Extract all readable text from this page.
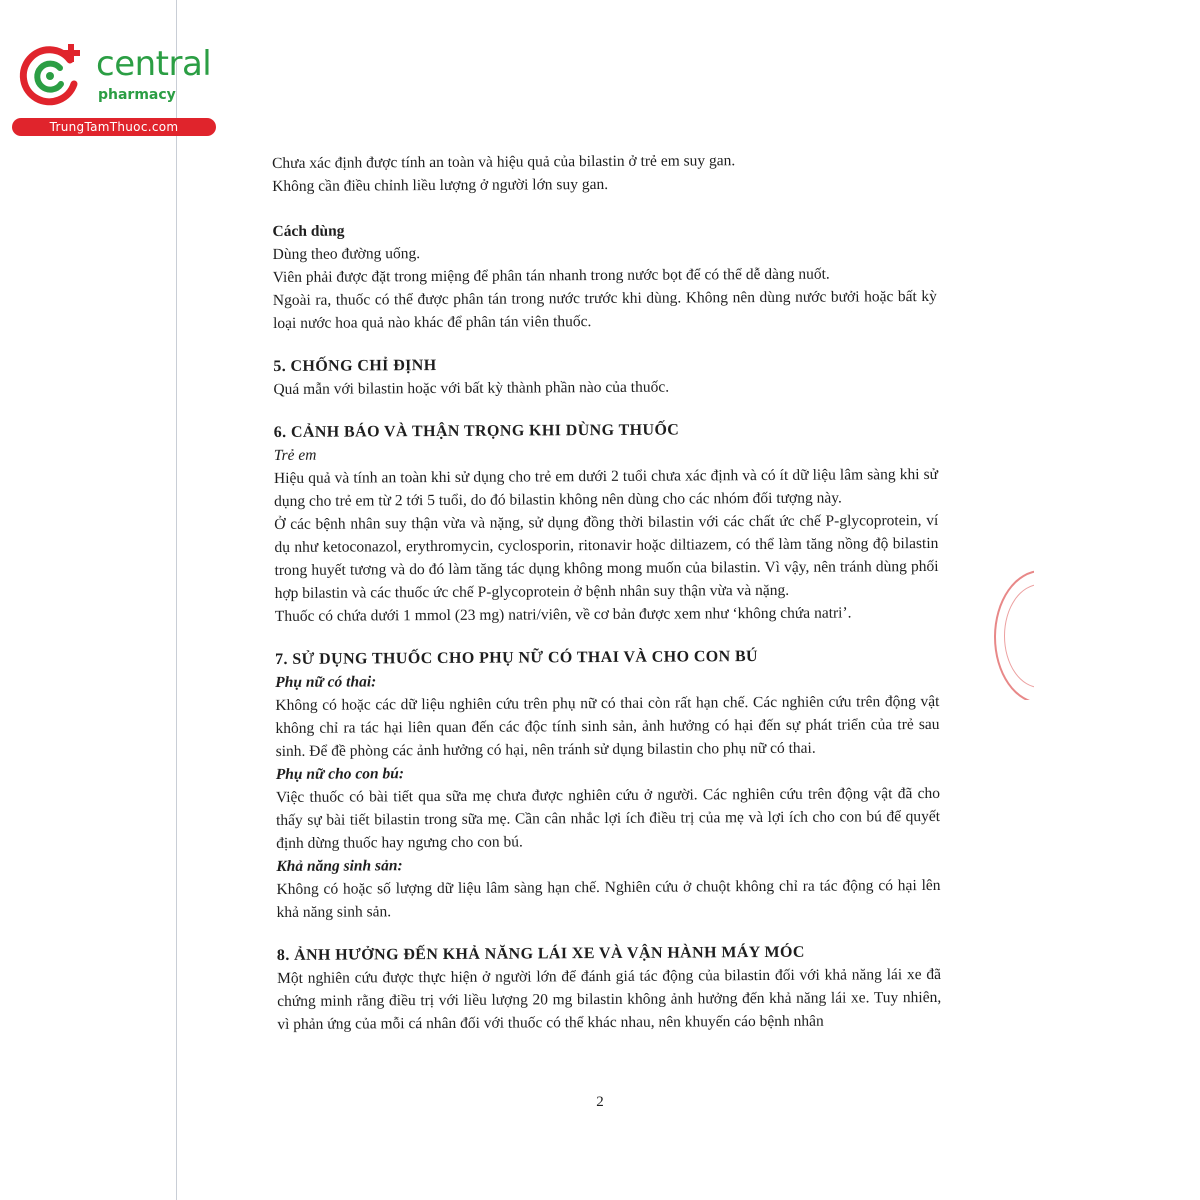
central
pharmacy
TrungTamThuoc.com

Chưa xác định được tính an toàn và hiệu quả của bilastin ở trẻ em suy gan.

Không cần điều chỉnh liều lượng ở người lớn suy gan.

Cách dùng

Dùng theo đường uống.

Viên phải được đặt trong miệng để phân tán nhanh trong nước bọt để có thể dễ dàng nuốt.

Ngoài ra, thuốc có thể được phân tán trong nước trước khi dùng. Không nên dùng nước bưởi hoặc bất kỳ loại nước hoa quả nào khác để phân tán viên thuốc.

5. CHỐNG CHỈ ĐỊNH

Quá mẫn với bilastin hoặc với bất kỳ thành phần nào của thuốc.

6. CẢNH BÁO VÀ THẬN TRỌNG KHI DÙNG THUỐC

Trẻ em

Hiệu quả và tính an toàn khi sử dụng cho trẻ em dưới 2 tuổi chưa xác định và có ít dữ liệu lâm sàng khi sử dụng cho trẻ em từ 2 tới 5 tuổi, do đó bilastin không nên dùng cho các nhóm đối tượng này.

Ở các bệnh nhân suy thận vừa và nặng, sử dụng đồng thời bilastin với các chất ức chế P-glycoprotein, ví dụ như ketoconazol, erythromycin, cyclosporin, ritonavir hoặc diltiazem, có thể làm tăng nồng độ bilastin trong huyết tương và do đó làm tăng tác dụng không mong muốn của bilastin. Vì vậy, nên tránh dùng phối hợp bilastin và các thuốc ức chế P-glycoprotein ở bệnh nhân suy thận vừa và nặng.

Thuốc có chứa dưới 1 mmol (23 mg) natri/viên, về cơ bản được xem như ‘không chứa natri’.

7. SỬ DỤNG THUỐC CHO PHỤ NỮ CÓ THAI VÀ CHO CON BÚ

Phụ nữ có thai:

Không có hoặc các dữ liệu nghiên cứu trên phụ nữ có thai còn rất hạn chế. Các nghiên cứu trên động vật không chỉ ra tác hại liên quan đến các độc tính sinh sản, ảnh hưởng có hại đến sự phát triển của trẻ sau sinh. Để đề phòng các ảnh hưởng có hại, nên tránh sử dụng bilastin cho phụ nữ có thai.

Phụ nữ cho con bú:

Việc thuốc có bài tiết qua sữa mẹ chưa được nghiên cứu ở người. Các nghiên cứu trên động vật đã cho thấy sự bài tiết bilastin trong sữa mẹ. Cần cân nhắc lợi ích điều trị của mẹ và lợi ích cho con bú để quyết định dừng thuốc hay ngưng cho con bú.

Khả năng sinh sản:

Không có hoặc số lượng dữ liệu lâm sàng hạn chế. Nghiên cứu ở chuột không chỉ ra tác động có hại lên khả năng sinh sản.

8. ẢNH HƯỞNG ĐẾN KHẢ NĂNG LÁI XE VÀ VẬN HÀNH MÁY MÓC

Một nghiên cứu được thực hiện ở người lớn để đánh giá tác động của bilastin đối với khả năng lái xe đã chứng minh rằng điều trị với liều lượng 20 mg bilastin không ảnh hưởng đến khả năng lái xe. Tuy nhiên, vì phản ứng của mỗi cá nhân đối với thuốc có thể khác nhau, nên khuyến cáo bệnh nhân

2
